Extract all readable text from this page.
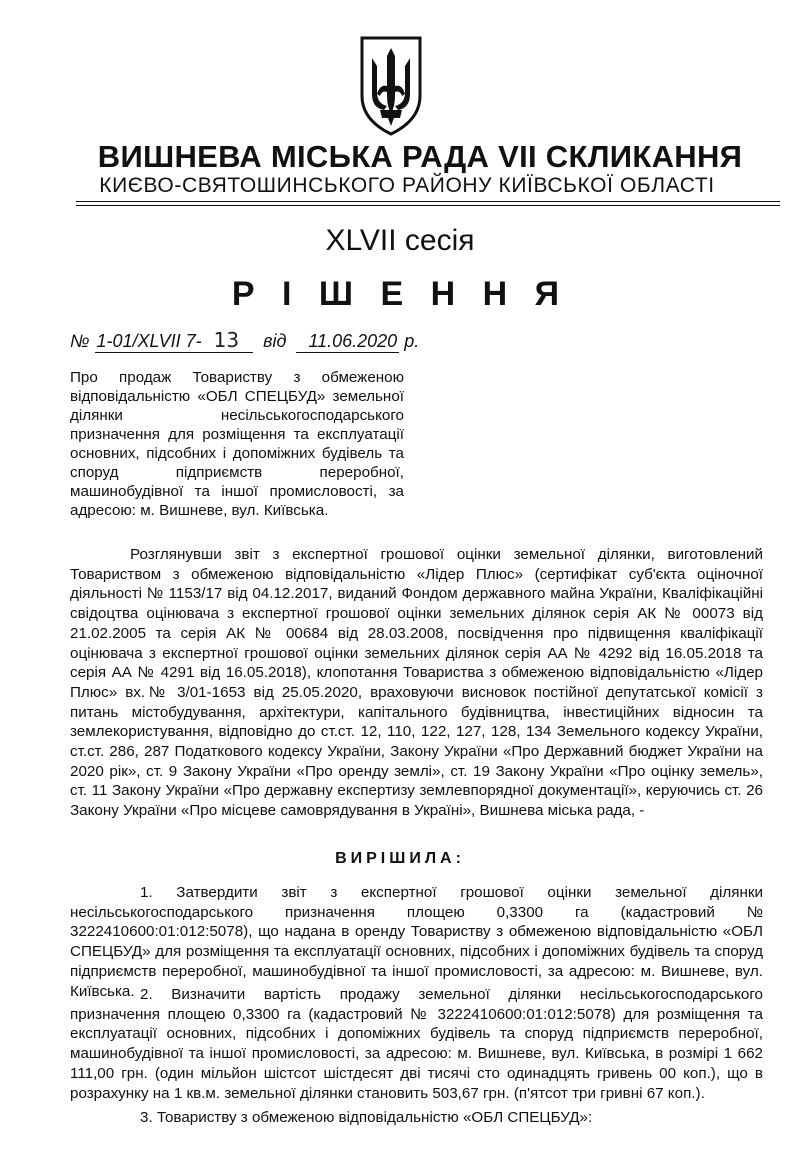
ВИШНЕВА МІСЬКА РАДА VII СКЛИКАННЯ
КИЄВО-СВЯТОШИНСЬКОГО РАЙОНУ КИЇВСЬКОЇ ОБЛАСТІ
XLVII сесія
Р І Ш Е Н Н Я
№ 1-01/XLVII 7- 13 від 11.06.2020 р.
Про продаж Товариству з обмеженою відповідальністю «ОБЛ СПЕЦБУД» земельної ділянки несільськогосподарського призначення для розміщення та експлуатації основних, підсобних і допоміжних будівель та споруд підприємств переробної, машинобудівної та іншої промисловості, за адресою: м. Вишневе, вул. Київська.
Розглянувши звіт з експертної грошової оцінки земельної ділянки, виготовлений Товариством з обмеженою відповідальністю «Лідер Плюс» (сертифікат суб'єкта оціночної діяльності № 1153/17 від 04.12.2017, виданий Фондом державного майна України, Кваліфікаційні свідоцтва оцінювача з експертної грошової оцінки земельних ділянок серія АК № 00073 від 21.02.2005 та серія АК № 00684 від 28.03.2008, посвідчення про підвищення кваліфікації оцінювача з експертної грошової оцінки земельних ділянок серія АА № 4292 від 16.05.2018 та серія АА № 4291 від 16.05.2018), клопотання Товариства з обмеженою відповідальністю «Лідер Плюс» вх.№ 3/01-1653 від 25.05.2020, враховуючи висновок постійної депутатської комісії з питань містобудування, архітектури, капітального будівництва, інвестиційних відносин та землекористування, відповідно до ст.ст. 12, 110, 122, 127, 128, 134 Земельного кодексу України, ст.ст. 286, 287 Податкового кодексу України, Закону України «Про Державний бюджет України на 2020 рік», ст. 9 Закону України «Про оренду землі», ст. 19 Закону України «Про оцінку земель», ст. 11 Закону України «Про державну експертизу землевпорядної документації», керуючись ст. 26 Закону України «Про місцеве самоврядування в Україні», Вишнева міська рада, -
ВИРІШИЛА:
1. Затвердити звіт з експертної грошової оцінки земельної ділянки несільськогосподарського призначення площею 0,3300 га (кадастровий № 3222410600:01:012:5078), що надана в оренду Товариству з обмеженою відповідальністю «ОБЛ СПЕЦБУД» для розміщення та експлуатації основних, підсобних і допоміжних будівель та споруд підприємств переробної, машинобудівної та іншої промисловості, за адресою: м. Вишневе, вул. Київська. 2. Визначити вартість продажу земельної ділянки несільськогосподарського призначення площею 0,3300 га (кадастровий № 3222410600:01:012:5078) для розміщення та експлуатації основних, підсобних і допоміжних будівель та споруд підприємств переробної, машинобудівної та іншої промисловості, за адресою: м. Вишневе, вул. Київська, в розмірі 1 662 111,00 грн. (один мільйон шістсот шістдесят дві тисячі сто одинадцять гривень 00 коп.), що в розрахунку на 1 кв.м. земельної ділянки становить 503,67 грн. (п'ятсот три гривні 67 коп.).
3. Товариству з обмеженою відповідальністю «ОБЛ СПЕЦБУД»:
